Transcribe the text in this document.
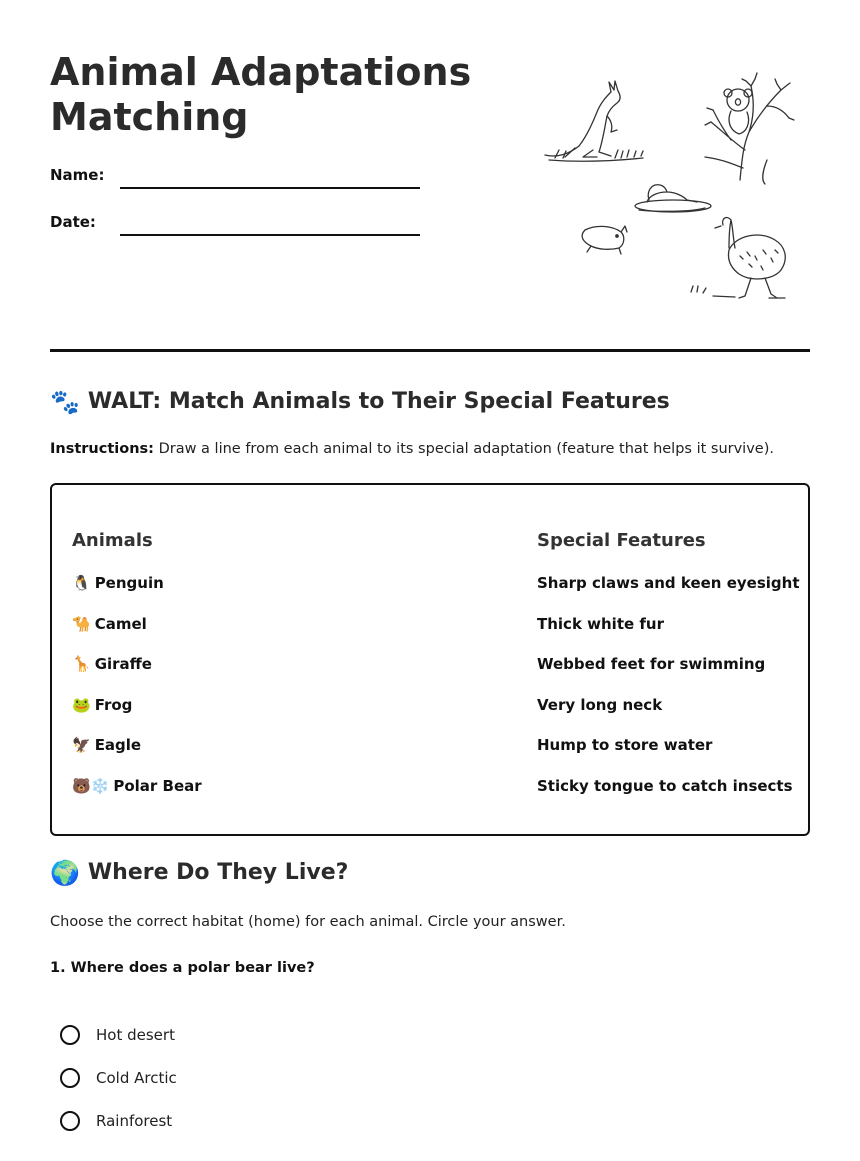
Animal Adaptations Matching
Name:
Date:
🐾 WALT: Match Animals to Their Special Features
Instructions: Draw a line from each animal to its special adaptation (feature that helps it survive).
Animals	Special Features
🐧 Penguin
🐪 Camel
🦒 Giraffe
🐸 Frog
🦅 Eagle
🐻❄️ Polar Bear
Sharp claws and keen eyesight
Thick white fur
Webbed feet for swimming
Very long neck
Hump to store water
Sticky tongue to catch insects
🌍 Where Do They Live?
Choose the correct habitat (home) for each animal. Circle your answer.
1. Where does a polar bear live?
Hot desert
Cold Arctic
Rainforest
